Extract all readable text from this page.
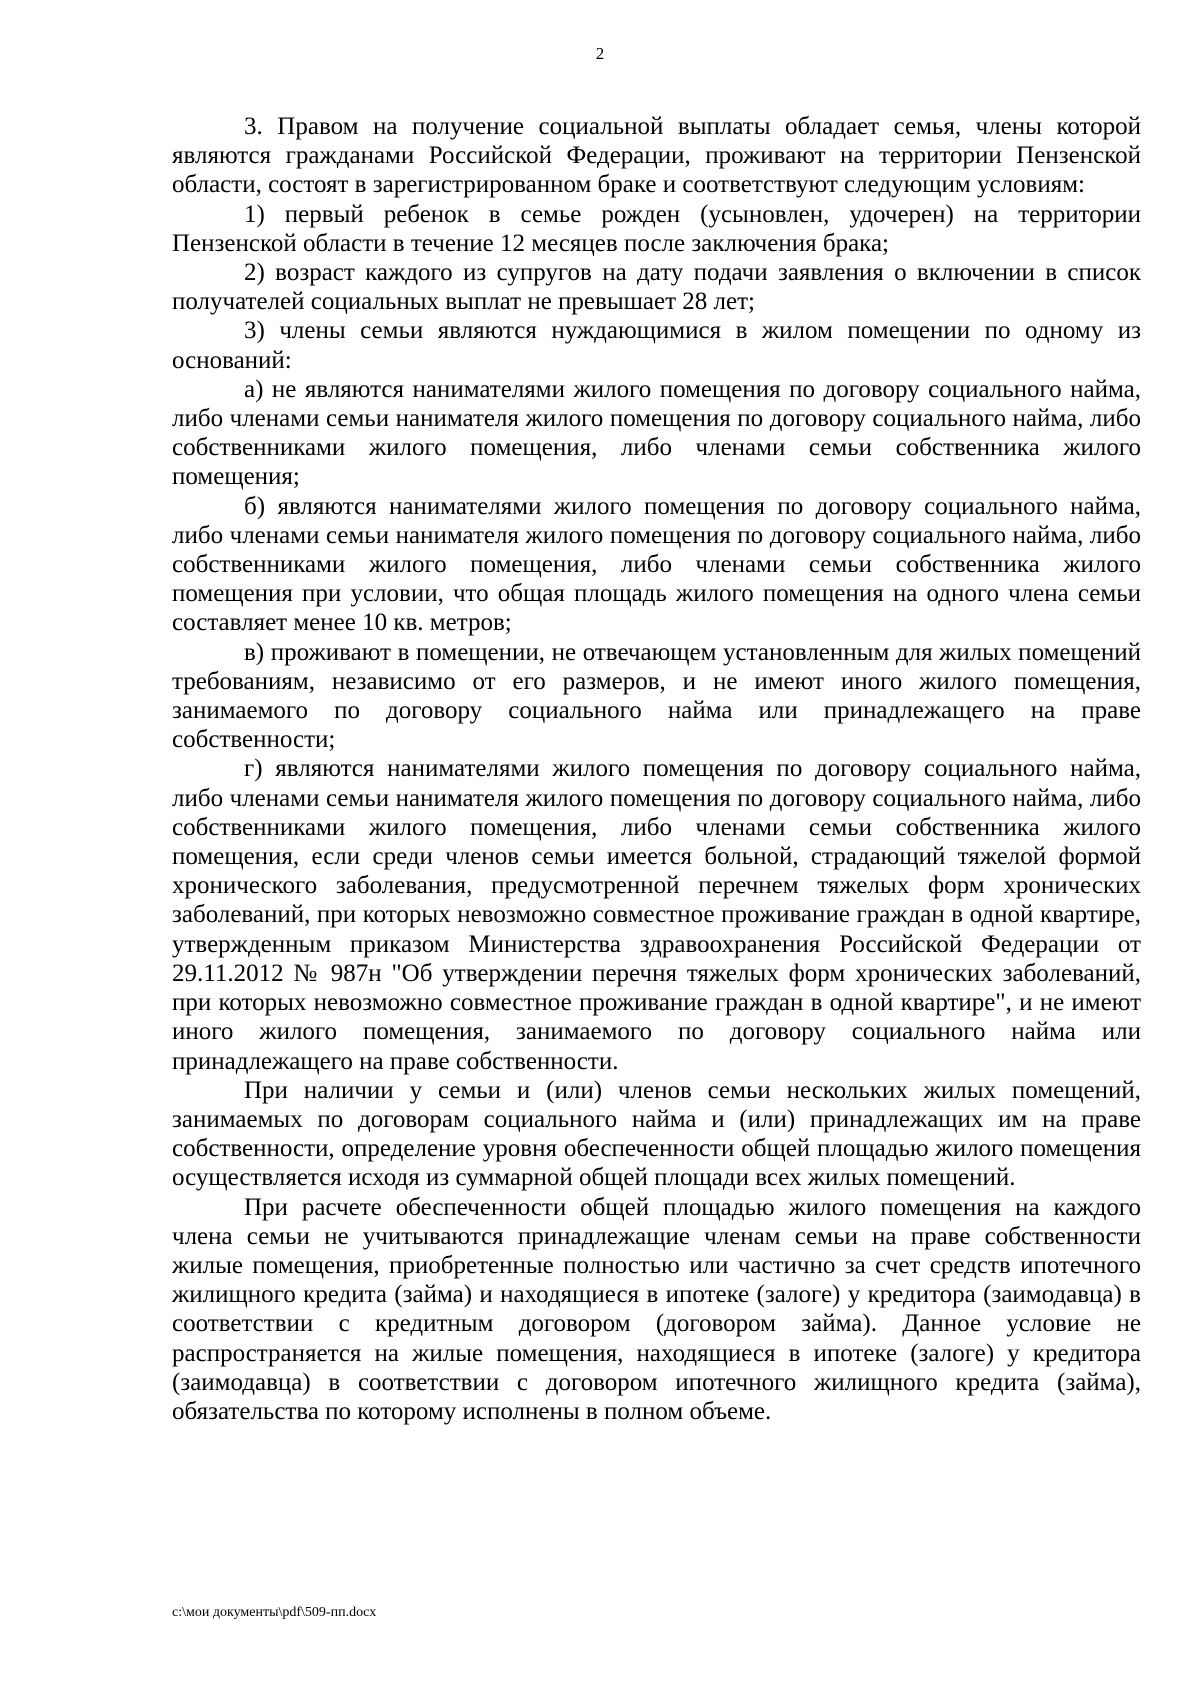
2

3. Правом на получение социальной выплаты обладает семья, члены которой являются гражданами Российской Федерации, проживают на территории Пензенской области, состоят в зарегистрированном браке и соответствуют следующим условиям:

1) первый ребенок в семье рожден (усыновлен, удочерен) на территории Пензенской области в течение 12 месяцев после заключения брака;

2) возраст каждого из супругов на дату подачи заявления о включении в список получателей социальных выплат не превышает 28 лет;

3) члены семьи являются нуждающимися в жилом помещении по одному из оснований:

а) не являются нанимателями жилого помещения по договору социального найма, либо членами семьи нанимателя жилого помещения по договору социального найма, либо собственниками жилого помещения, либо членами семьи собственника жилого помещения;

б) являются нанимателями жилого помещения по договору социального найма, либо членами семьи нанимателя жилого помещения по договору социального найма, либо собственниками жилого помещения, либо членами семьи собственника жилого помещения при условии, что общая площадь жилого помещения на одного члена семьи составляет менее 10 кв. метров;

в) проживают в помещении, не отвечающем установленным для жилых помещений требованиям, независимо от его размеров, и не имеют иного жилого помещения, занимаемого по договору социального найма или принадлежащего на праве собственности;

г) являются нанимателями жилого помещения по договору социального найма, либо членами семьи нанимателя жилого помещения по договору социального найма, либо собственниками жилого помещения, либо членами семьи собственника жилого помещения, если среди членов семьи имеется больной, страдающий тяжелой формой хронического заболевания, предусмотренной перечнем тяжелых форм хронических заболеваний, при которых невозможно совместное проживание граждан в одной квартире, утвержденным приказом Министерства здравоохранения Российской Федерации от 29.11.2012 № 987н "Об утверждении перечня тяжелых форм хронических заболеваний, при которых невозможно совместное проживание граждан в одной квартире", и не имеют иного жилого помещения, занимаемого по договору социального найма или принадлежащего на праве собственности.

При наличии у семьи и (или) членов семьи нескольких жилых помещений, занимаемых по договорам социального найма и (или) принадлежащих им на праве собственности, определение уровня обеспеченности общей площадью жилого помещения осуществляется исходя из суммарной общей площади всех жилых помещений.

При расчете обеспеченности общей площадью жилого помещения на каждого члена семьи не учитываются принадлежащие членам семьи на праве собственности жилые помещения, приобретенные полностью или частично за счет средств ипотечного жилищного кредита (займа) и находящиеся в ипотеке (залоге) у кредитора (заимодавца) в соответствии с кредитным договором (договором займа). Данное условие не распространяется на жилые помещения, находящиеся в ипотеке (залоге) у кредитора (заимодавца) в соответствии с договором ипотечного жилищного кредита (займа), обязательства по которому исполнены в полном объеме.

c:\мои документы\pdf\509-пп.docx
